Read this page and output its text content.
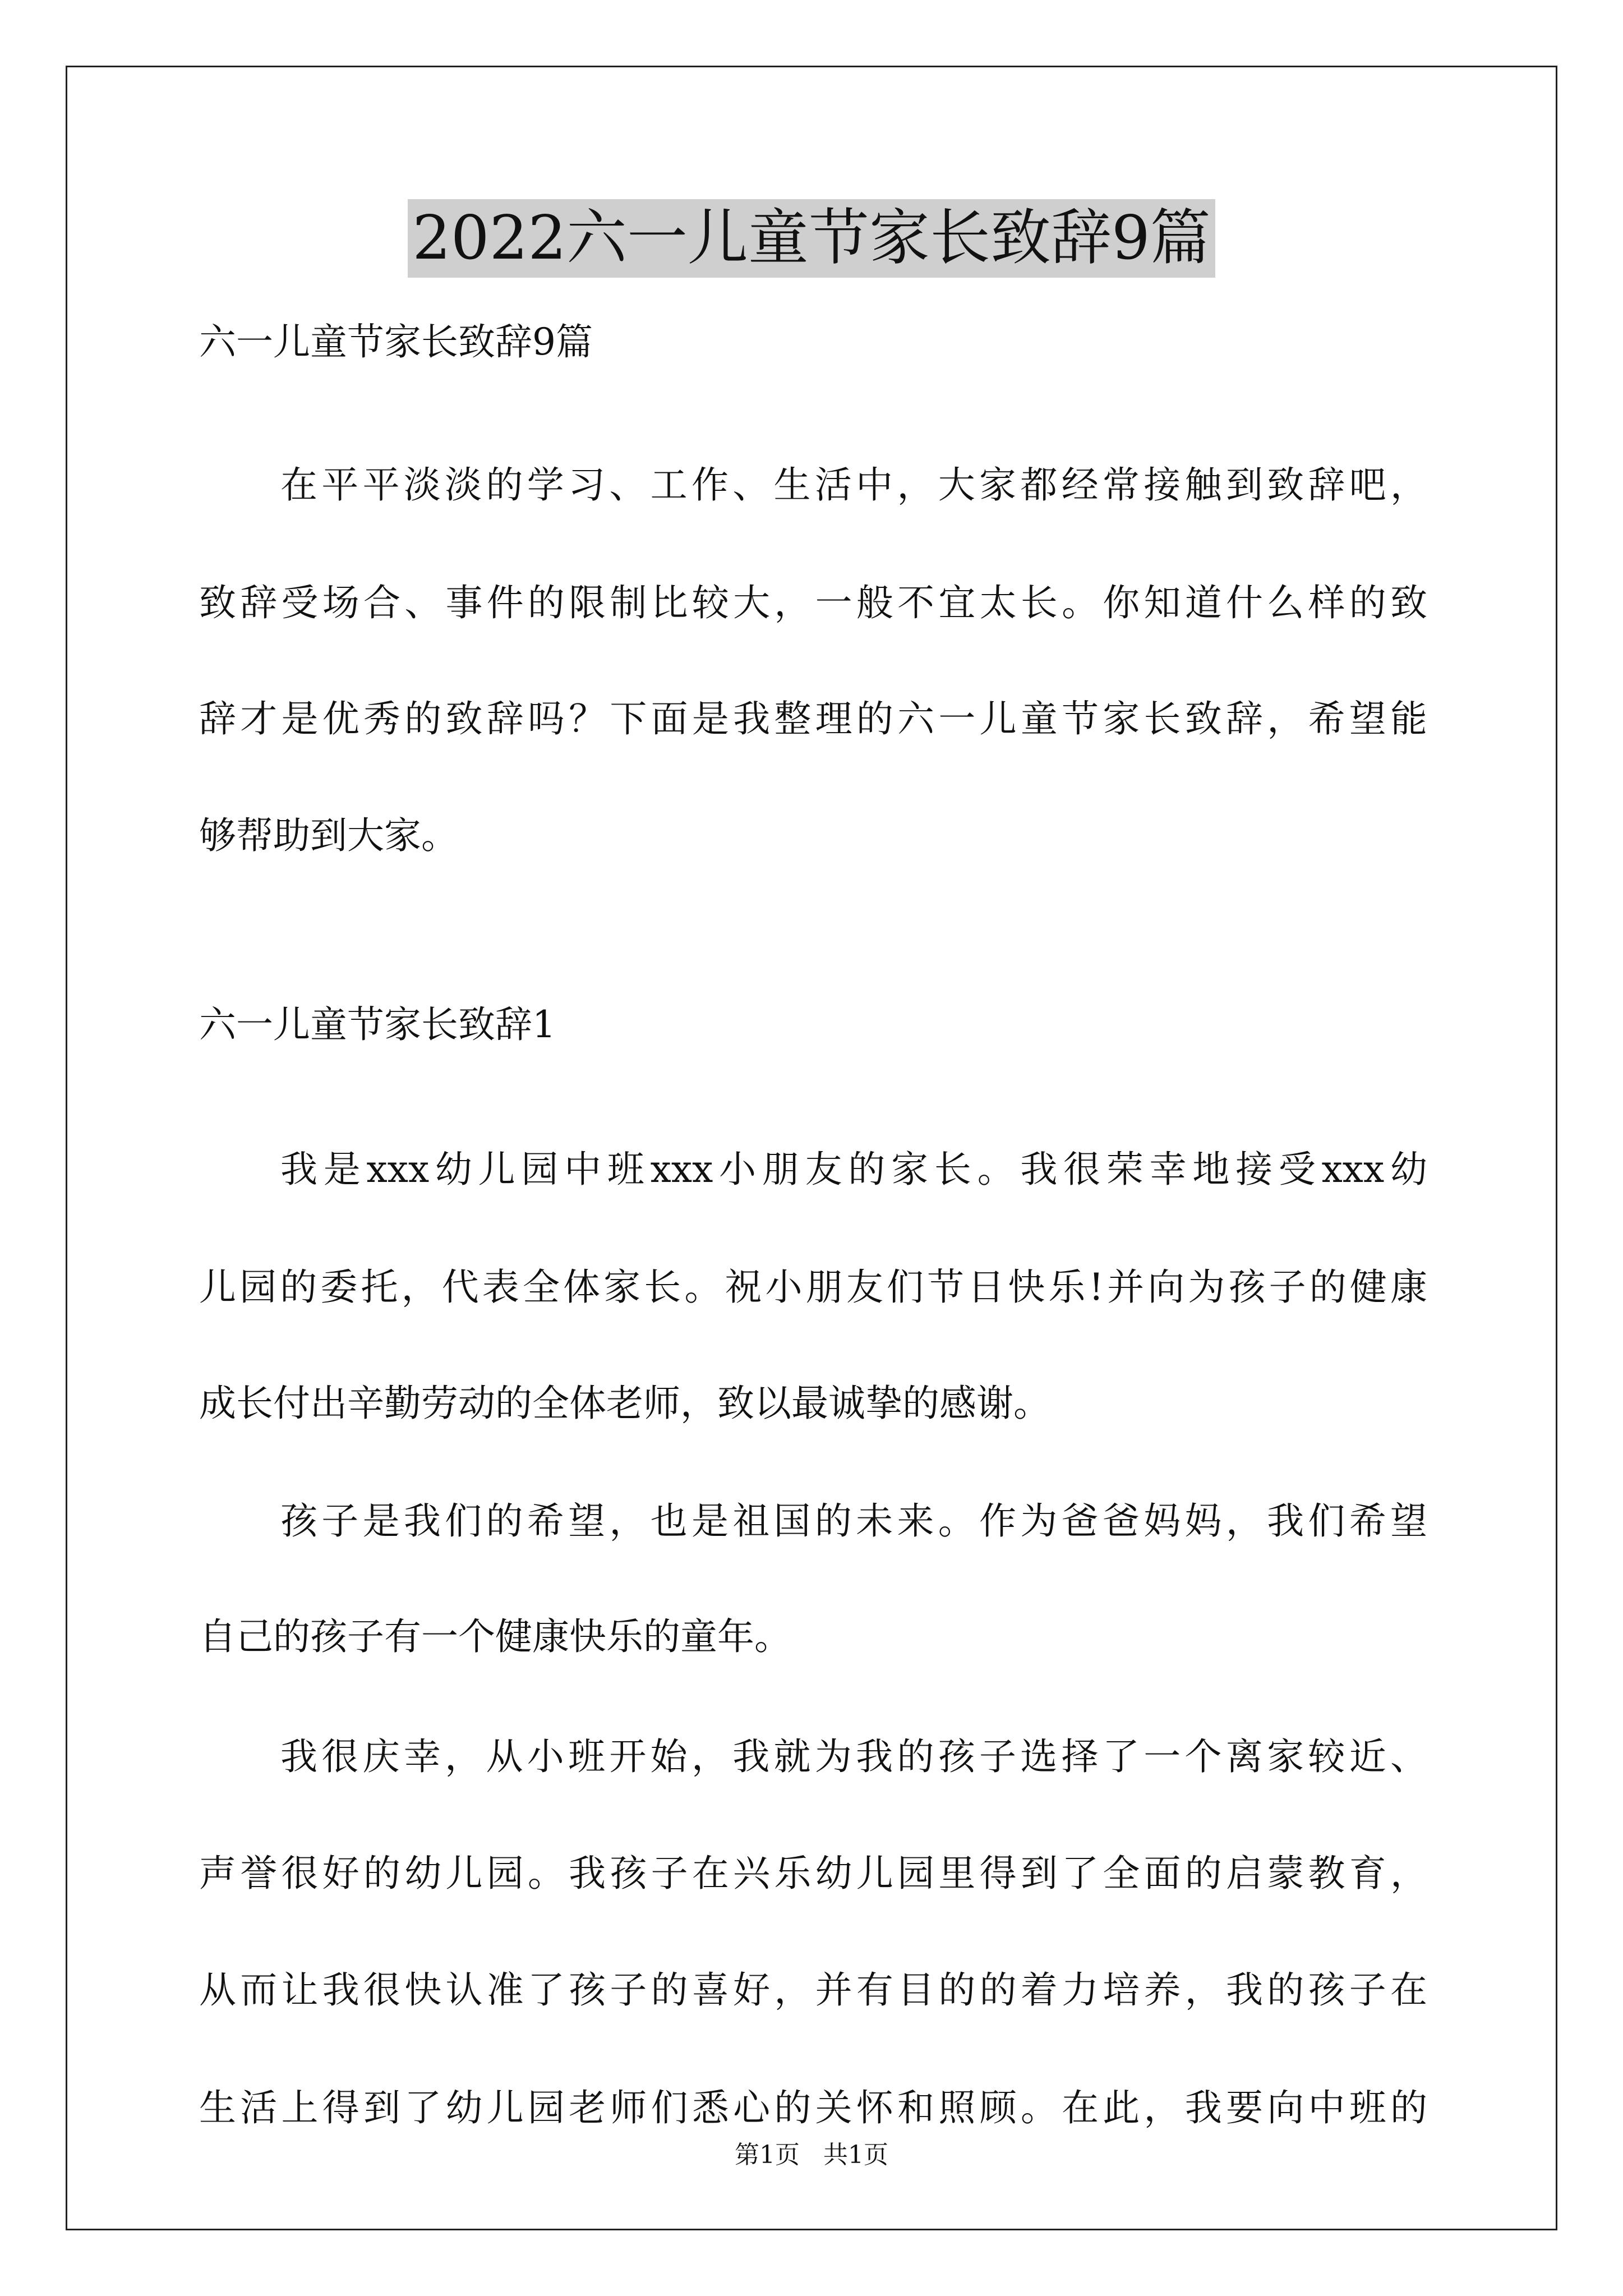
2022六一儿童节家长致辞9篇
六一儿童节家长致辞9篇
在平平淡淡的学习、工作、生活中，大家都经常接触到致辞吧，
致辞受场合、事件的限制比较大，一般不宜太长。你知道什么样的致
辞才是优秀的致辞吗？下面是我整理的六一儿童节家长致辞，希望能
够帮助到大家。
六一儿童节家长致辞1
我是xxx幼儿园中班xxx小朋友的家长。我很荣幸地接受xxx幼
儿园的委托，代表全体家长。祝小朋友们节日快乐!并向为孩子的健康
成长付出辛勤劳动的全体老师，致以最诚挚的感谢。
孩子是我们的希望，也是祖国的未来。作为爸爸妈妈，我们希望
自己的孩子有一个健康快乐的童年。
我很庆幸，从小班开始，我就为我的孩子选择了一个离家较近、
声誉很好的幼儿园。我孩子在兴乐幼儿园里得到了全面的启蒙教育，
从而让我很快认准了孩子的喜好，并有目的的着力培养，我的孩子在
生活上得到了幼儿园老师们悉心的关怀和照顾。在此，我要向中班的
第1页   共1页
